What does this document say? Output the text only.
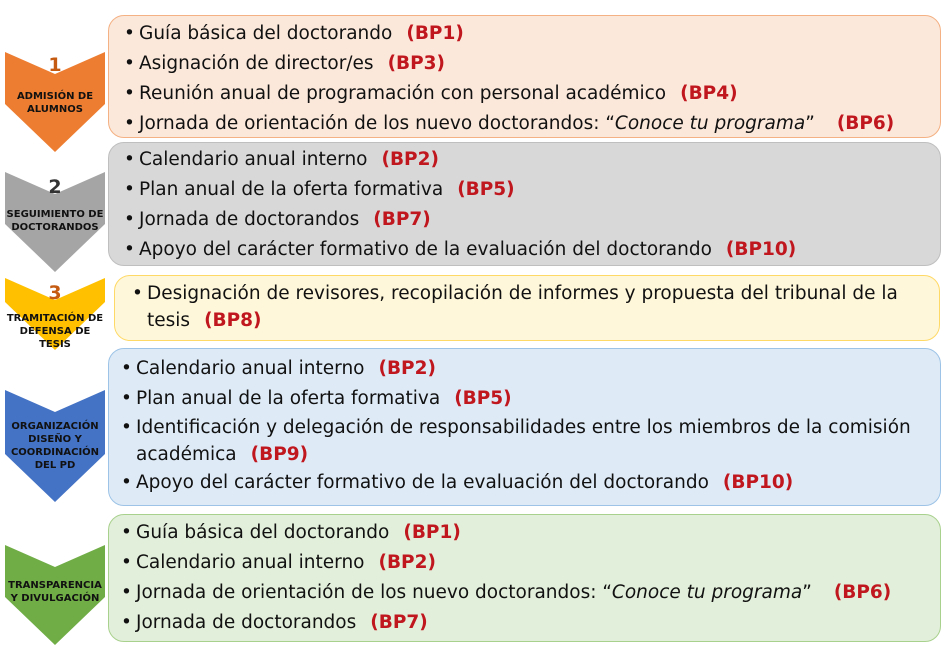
1
ADMISIÓN DE
ALUMNOS
• Guía básica del doctorando (BP1)
• Asignación de director/es (BP3)
• Reunión anual de programación con personal académico (BP4)
• Jornada de orientación de los nuevo doctorandos: “Conoce tu programa” (BP6)
2
SEGUIMIENTO DE
DOCTORANDOS
• Calendario anual interno (BP2)
• Plan anual de la oferta formativa (BP5)
• Jornada de doctorandos (BP7)
• Apoyo del carácter formativo de la evaluación del doctorando (BP10)
3
TRAMITACIÓN DE
DEFENSA DE TESIS
• Designación de revisores, recopilación de informes y propuesta del tribunal de la tesis (BP8)
4
ORGANIZACIÓN
DISEÑO Y
COORDINACIÓN
DEL PD
• Calendario anual interno (BP2)
• Plan anual de la oferta formativa (BP5)
• Identificación y delegación de responsabilidades entre los miembros de la comisión académica (BP9)
• Apoyo del carácter formativo de la evaluación del doctorando (BP10)
5
TRANSPARENCIA
Y DIVULGACIÓN
• Guía básica del doctorando (BP1)
• Calendario anual interno (BP2)
• Jornada de orientación de los nuevo doctorandos: “Conoce tu programa” (BP6)
• Jornada de doctorandos (BP7)
